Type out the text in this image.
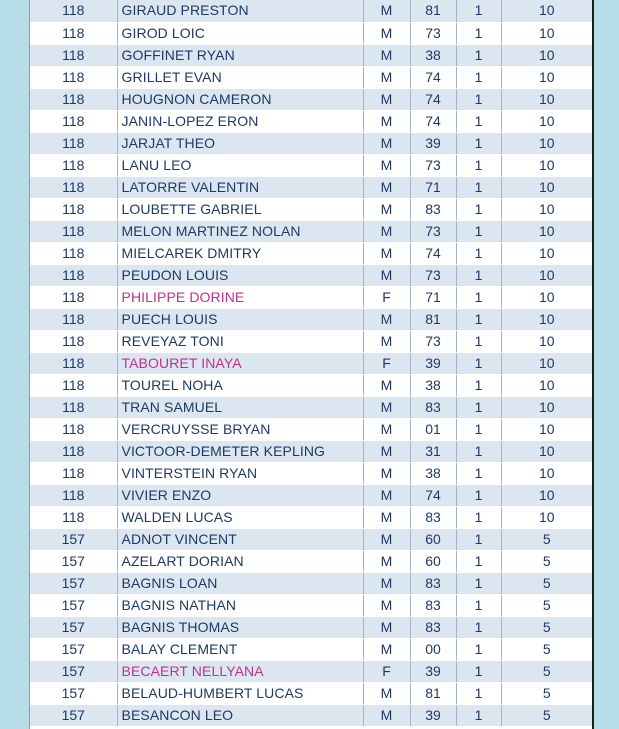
118	GIRAUD PRESTON	M	81	1	10
118	GIROD LOIC	M	73	1	10
118	GOFFINET RYAN	M	38	1	10
118	GRILLET EVAN	M	74	1	10
118	HOUGNON CAMERON	M	74	1	10
118	JANIN-LOPEZ ERON	M	74	1	10
118	JARJAT THEO	M	39	1	10
118	LANU LEO	M	73	1	10
118	LATORRE VALENTIN	M	71	1	10
118	LOUBETTE GABRIEL	M	83	1	10
118	MELON MARTINEZ NOLAN	M	73	1	10
118	MIELCAREK DMITRY	M	74	1	10
118	PEUDON LOUIS	M	73	1	10
118	PHILIPPE DORINE	F	71	1	10
118	PUECH LOUIS	M	81	1	10
118	REVEYAZ TONI	M	73	1	10
118	TABOURET INAYA	F	39	1	10
118	TOUREL NOHA	M	38	1	10
118	TRAN SAMUEL	M	83	1	10
118	VERCRUYSSE BRYAN	M	01	1	10
118	VICTOOR-DEMETER KEPLING	M	31	1	10
118	VINTERSTEIN RYAN	M	38	1	10
118	VIVIER ENZO	M	74	1	10
118	WALDEN LUCAS	M	83	1	10
157	ADNOT VINCENT	M	60	1	5
157	AZELART DORIAN	M	60	1	5
157	BAGNIS LOAN	M	83	1	5
157	BAGNIS NATHAN	M	83	1	5
157	BAGNIS THOMAS	M	83	1	5
157	BALAY CLEMENT	M	00	1	5
157	BECAERT NELLYANA	F	39	1	5
157	BELAUD-HUMBERT LUCAS	M	81	1	5
157	BESANCON LEO	M	39	1	5
